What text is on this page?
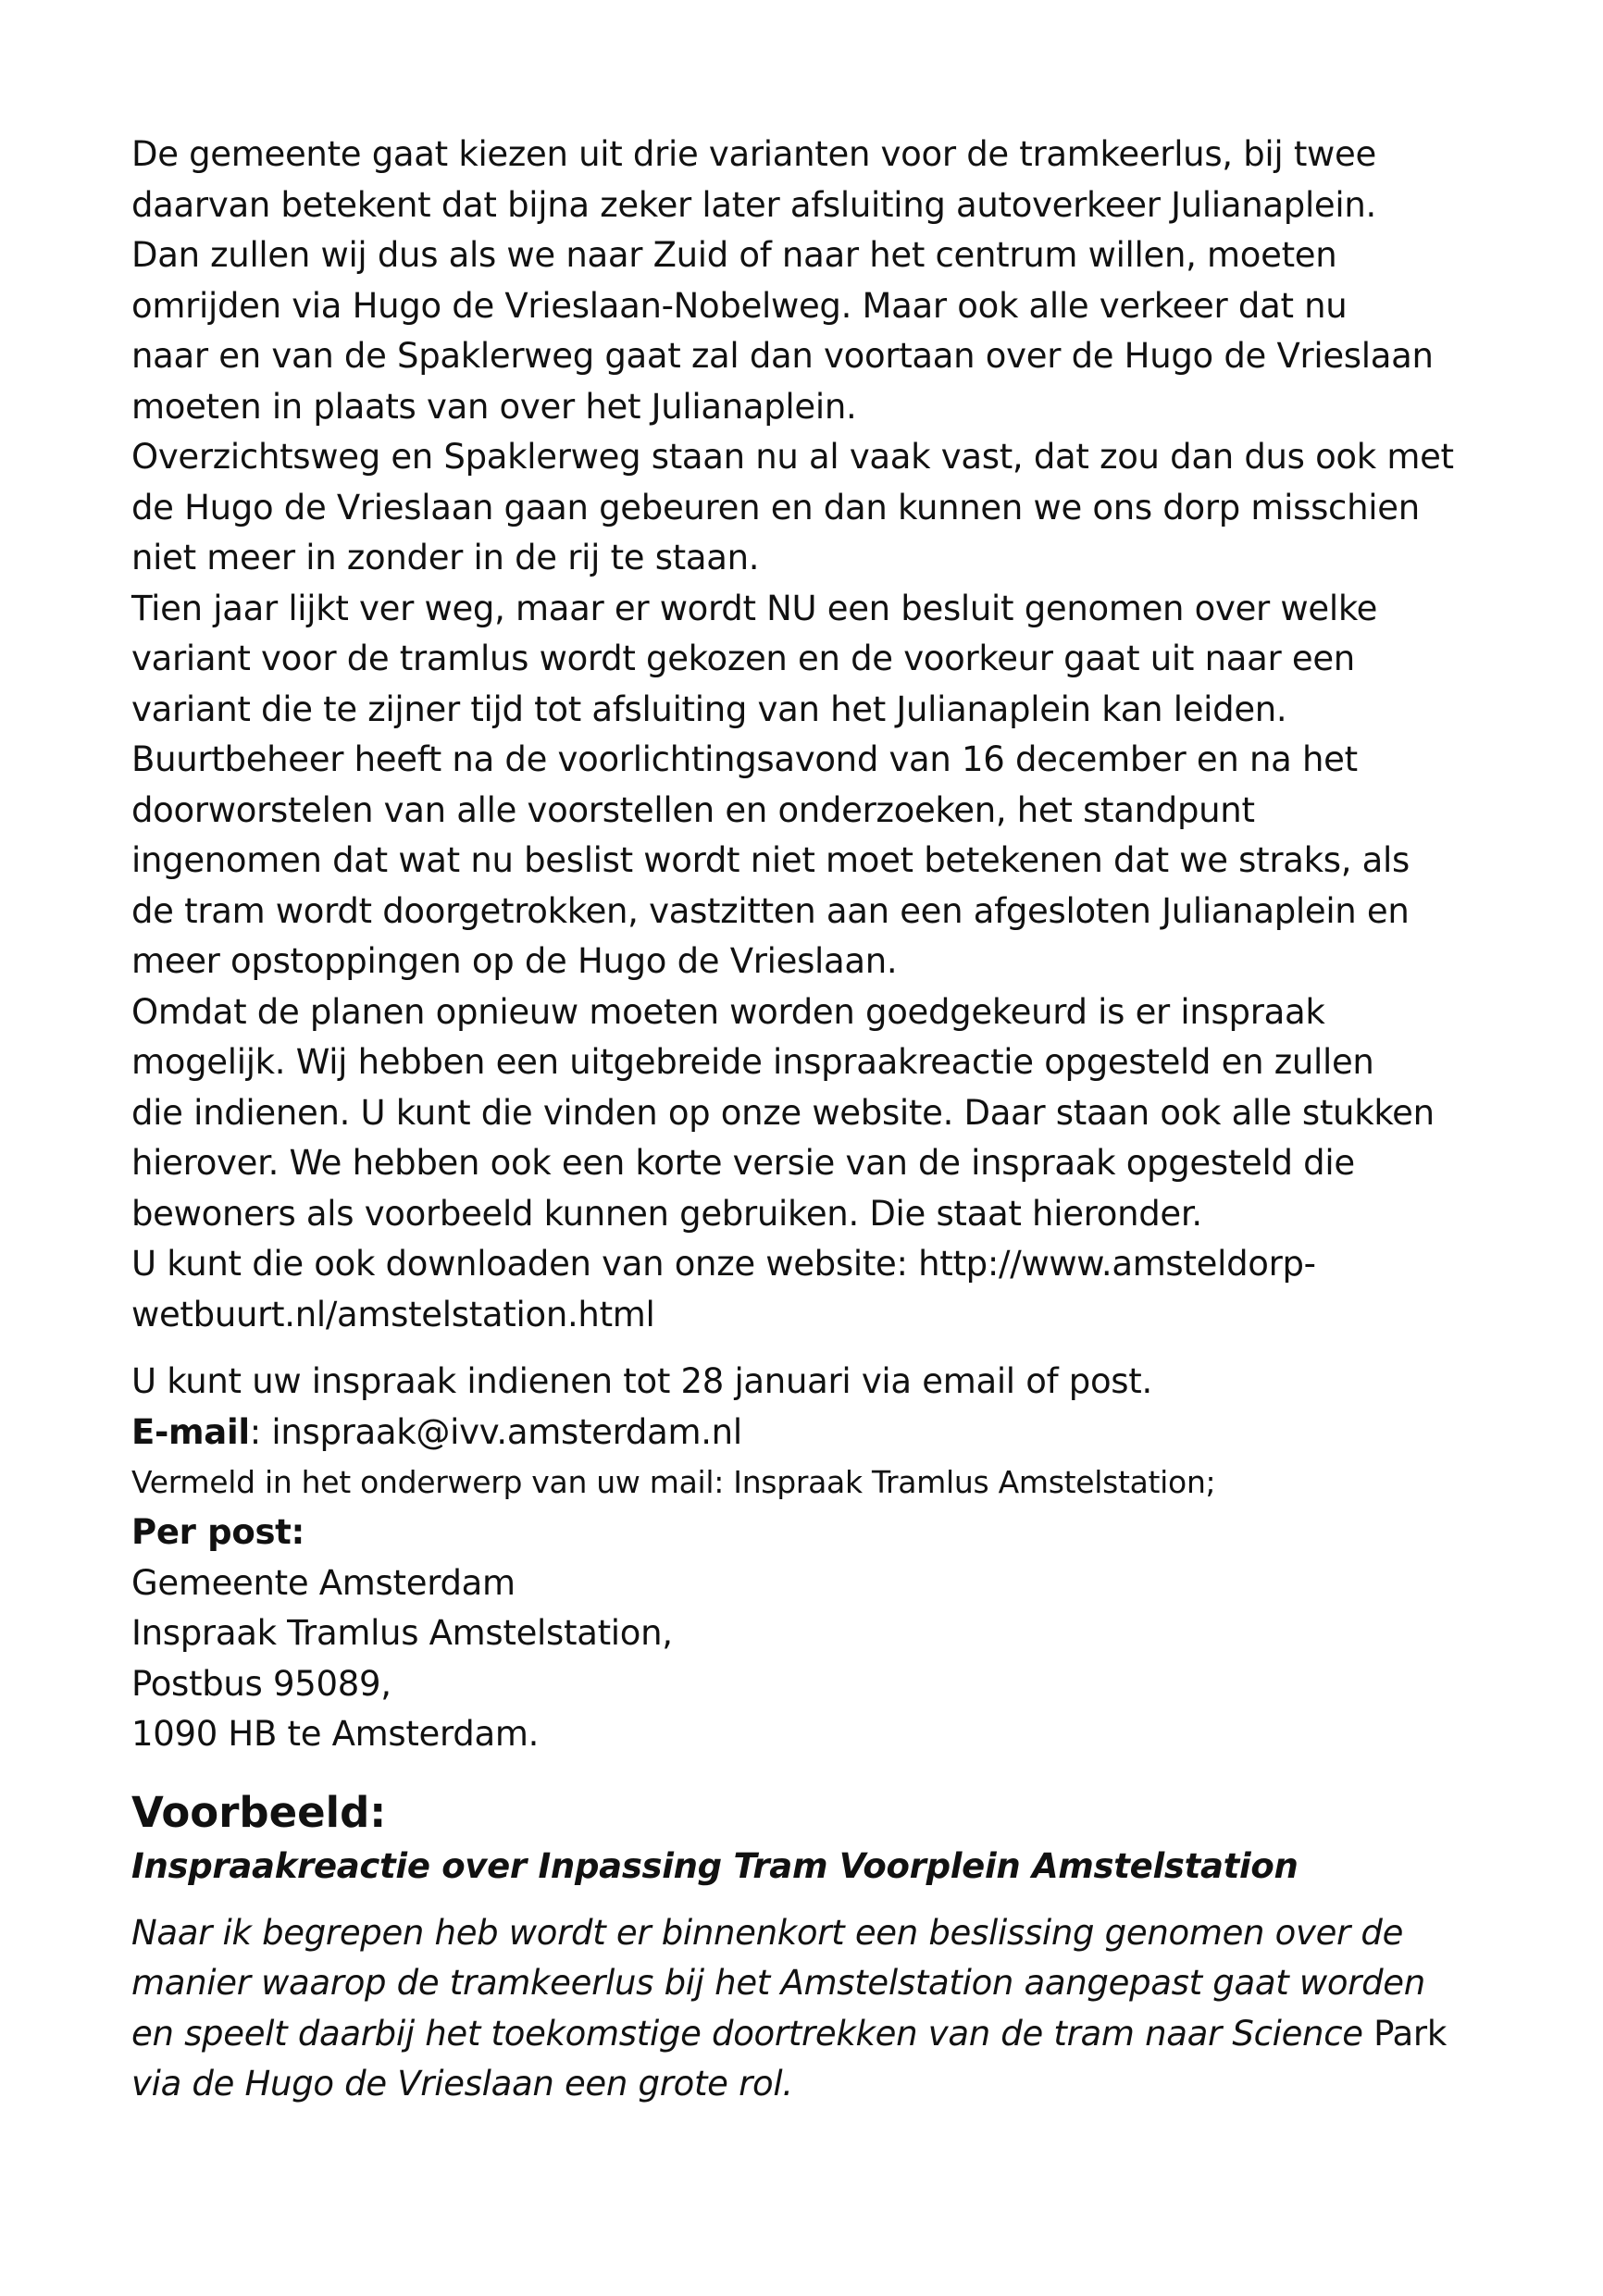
De gemeente gaat kiezen uit drie varianten voor de tramkeerlus, bij twee
daarvan betekent dat bijna zeker later afsluiting autoverkeer Julianaplein.
Dan zullen wij dus als we naar Zuid of naar het centrum willen, moeten
omrijden via Hugo de Vrieslaan-Nobelweg. Maar ook alle verkeer dat nu
naar en van de Spaklerweg gaat zal dan voortaan over de Hugo de Vrieslaan
moeten in plaats van over het Julianaplein.
Overzichtsweg en Spaklerweg staan nu al vaak vast, dat zou dan dus ook met
de Hugo de Vrieslaan gaan gebeuren en dan kunnen we ons dorp misschien
niet meer in zonder in de rij te staan.
Tien jaar lijkt ver weg, maar er wordt NU een besluit genomen over welke
variant voor de tramlus wordt gekozen en de voorkeur gaat uit naar een
variant die te zijner tijd tot afsluiting van het Julianaplein kan leiden.
Buurtbeheer heeft na de voorlichtingsavond van 16 december en na het
doorworstelen van alle voorstellen en onderzoeken, het standpunt
ingenomen dat wat nu beslist wordt niet moet betekenen dat we straks, als
de tram wordt doorgetrokken, vastzitten aan een afgesloten Julianaplein en
meer opstoppingen op de Hugo de Vrieslaan.
Omdat de planen opnieuw moeten worden goedgekeurd is er inspraak
mogelijk. Wij hebben een uitgebreide inspraakreactie opgesteld en zullen
die indienen. U kunt die vinden op onze website. Daar staan ook alle stukken
hierover. We hebben ook een korte versie van de inspraak opgesteld die
bewoners als voorbeeld kunnen gebruiken. Die staat hieronder.
U kunt die ook downloaden van onze website: http://www.amsteldorp-
wetbuurt.nl/amstelstation.html
U kunt uw inspraak indienen tot 28 januari via email of post.
E-mail: inspraak@ivv.amsterdam.nl
Vermeld in het onderwerp van uw mail: Inspraak Tramlus Amstelstation;
Per post:
Gemeente Amsterdam
Inspraak Tramlus Amstelstation,
Postbus 95089,
1090 HB te Amsterdam.
Voorbeeld:
Inspraakreactie over Inpassing Tram Voorplein Amstelstation
Naar ik begrepen heb wordt er binnenkort een beslissing genomen over de
manier waarop de tramkeerlus bij het Amstelstation aangepast gaat worden
en speelt daarbij het toekomstige doortrekken van de tram naar Science Park
via de Hugo de Vrieslaan een grote rol.
